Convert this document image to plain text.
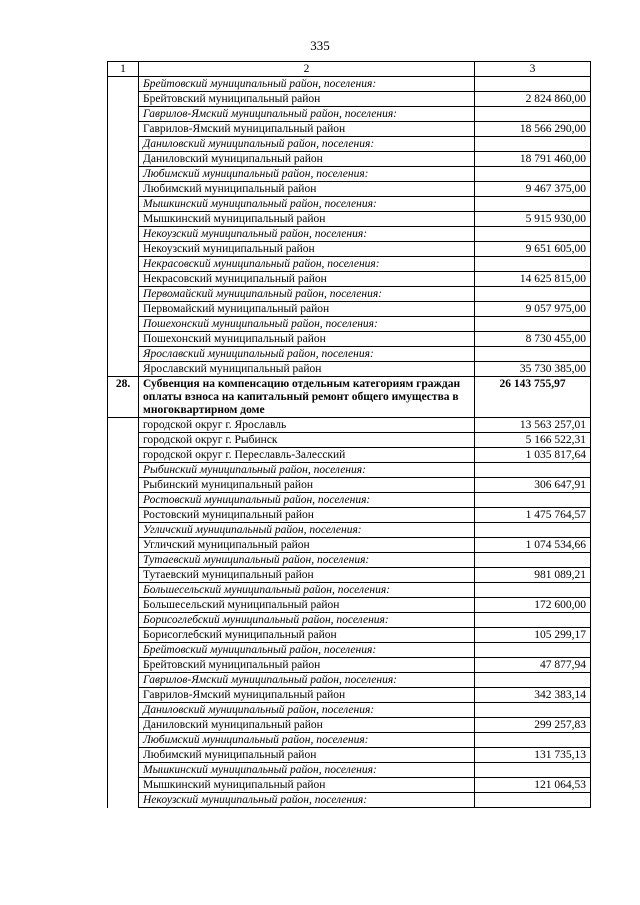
335
1	2	3
	Брейтовский муниципальный район, поселения:	
	Брейтовский муниципальный район	2 824 860,00
	Гаврилов-Ямский муниципальный район, поселения:	
	Гаврилов-Ямский муниципальный район	18 566 290,00
	Даниловский муниципальный район, поселения:	
	Даниловский муниципальный район	18 791 460,00
	Любимский муниципальный район, поселения:	
	Любимский муниципальный район	9 467 375,00
	Мышкинский муниципальный район, поселения:	
	Мышкинский муниципальный район	5 915 930,00
	Некоузский муниципальный район, поселения:	
	Некоузский муниципальный район	9 651 605,00
	Некрасовский муниципальный район, поселения:	
	Некрасовский муниципальный район	14 625 815,00
	Первомайский муниципальный район, поселения:	
	Первомайский муниципальный район	9 057 975,00
	Пошехонский муниципальный район, поселения:	
	Пошехонский муниципальный район	8 730 455,00
	Ярославский муниципальный район, поселения:	
	Ярославский муниципальный район	35 730 385,00
28.	Субвенция на компенсацию отдельным категориям граждан оплаты взноса на капитальный ремонт общего имущества в многоквартирном доме	26 143 755,97
	городской округ г. Ярославль	13 563 257,01
	городской округ г. Рыбинск	5 166 522,31
	городской округ г. Переславль-Залесский	1 035 817,64
	Рыбинский муниципальный район, поселения:	
	Рыбинский муниципальный район	306 647,91
	Ростовский муниципальный район, поселения:	
	Ростовский муниципальный район	1 475 764,57
	Угличский муниципальный район, поселения:	
	Угличский муниципальный район	1 074 534,66
	Тутаевский муниципальный район, поселения:	
	Тутаевский муниципальный район	981 089,21
	Большесельский муниципальный район, поселения:	
	Большесельский муниципальный район	172 600,00
	Борисоглебский муниципальный район, поселения:	
	Борисоглебский муниципальный район	105 299,17
	Брейтовский муниципальный район, поселения:	
	Брейтовский муниципальный район	47 877,94
	Гаврилов-Ямский муниципальный район, поселения:	
	Гаврилов-Ямский муниципальный район	342 383,14
	Даниловский муниципальный район, поселения:	
	Даниловский муниципальный район	299 257,83
	Любимский муниципальный район, поселения:	
	Любимский муниципальный район	131 735,13
	Мышкинский муниципальный район, поселения:	
	Мышкинский муниципальный район	121 064,53
	Некоузский муниципальный район, поселения:	
